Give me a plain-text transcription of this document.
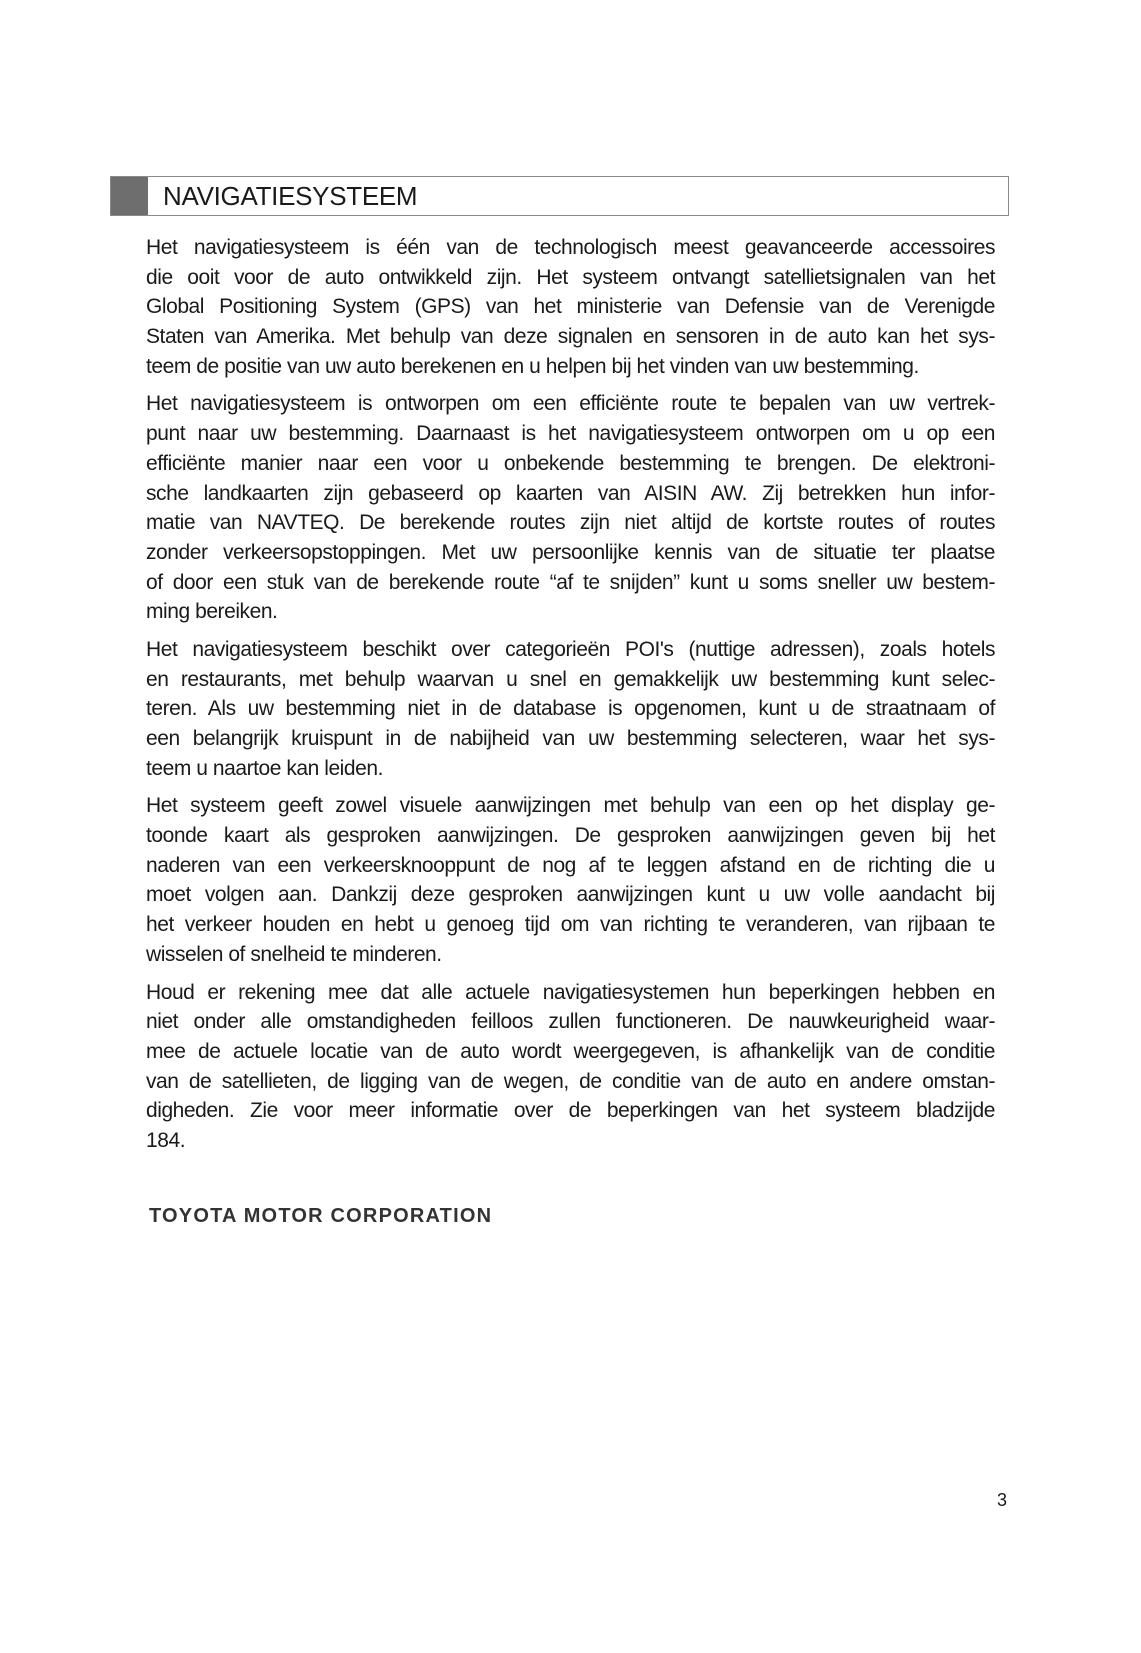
NAVIGATIESYSTEEM
Het navigatiesysteem is één van de technologisch meest geavanceerde accessoires
die ooit voor de auto ontwikkeld zijn. Het systeem ontvangt satellietsignalen van het
Global Positioning System (GPS) van het ministerie van Defensie van de Verenigde
Staten van Amerika. Met behulp van deze signalen en sensoren in de auto kan het sys-
teem de positie van uw auto berekenen en u helpen bij het vinden van uw bestemming.
Het navigatiesysteem is ontworpen om een efficiënte route te bepalen van uw vertrek-
punt naar uw bestemming. Daarnaast is het navigatiesysteem ontworpen om u op een
efficiënte manier naar een voor u onbekende bestemming te brengen. De elektroni-
sche landkaarten zijn gebaseerd op kaarten van AISIN AW. Zij betrekken hun infor-
matie van NAVTEQ. De berekende routes zijn niet altijd de kortste routes of routes
zonder verkeersopstoppingen. Met uw persoonlijke kennis van de situatie ter plaatse
of door een stuk van de berekende route “af te snijden” kunt u soms sneller uw bestem-
ming bereiken.
Het navigatiesysteem beschikt over categorieën POI's (nuttige adressen), zoals hotels
en restaurants, met behulp waarvan u snel en gemakkelijk uw bestemming kunt selec-
teren. Als uw bestemming niet in de database is opgenomen, kunt u de straatnaam of
een belangrijk kruispunt in de nabijheid van uw bestemming selecteren, waar het sys-
teem u naartoe kan leiden.
Het systeem geeft zowel visuele aanwijzingen met behulp van een op het display ge-
toonde kaart als gesproken aanwijzingen. De gesproken aanwijzingen geven bij het
naderen van een verkeersknooppunt de nog af te leggen afstand en de richting die u
moet volgen aan. Dankzij deze gesproken aanwijzingen kunt u uw volle aandacht bij
het verkeer houden en hebt u genoeg tijd om van richting te veranderen, van rijbaan te
wisselen of snelheid te minderen.
Houd er rekening mee dat alle actuele navigatiesystemen hun beperkingen hebben en
niet onder alle omstandigheden feilloos zullen functioneren. De nauwkeurigheid waar-
mee de actuele locatie van de auto wordt weergegeven, is afhankelijk van de conditie
van de satellieten, de ligging van de wegen, de conditie van de auto en andere omstan-
digheden. Zie voor meer informatie over de beperkingen van het systeem bladzijde
184.
TOYOTA MOTOR CORPORATION
3
